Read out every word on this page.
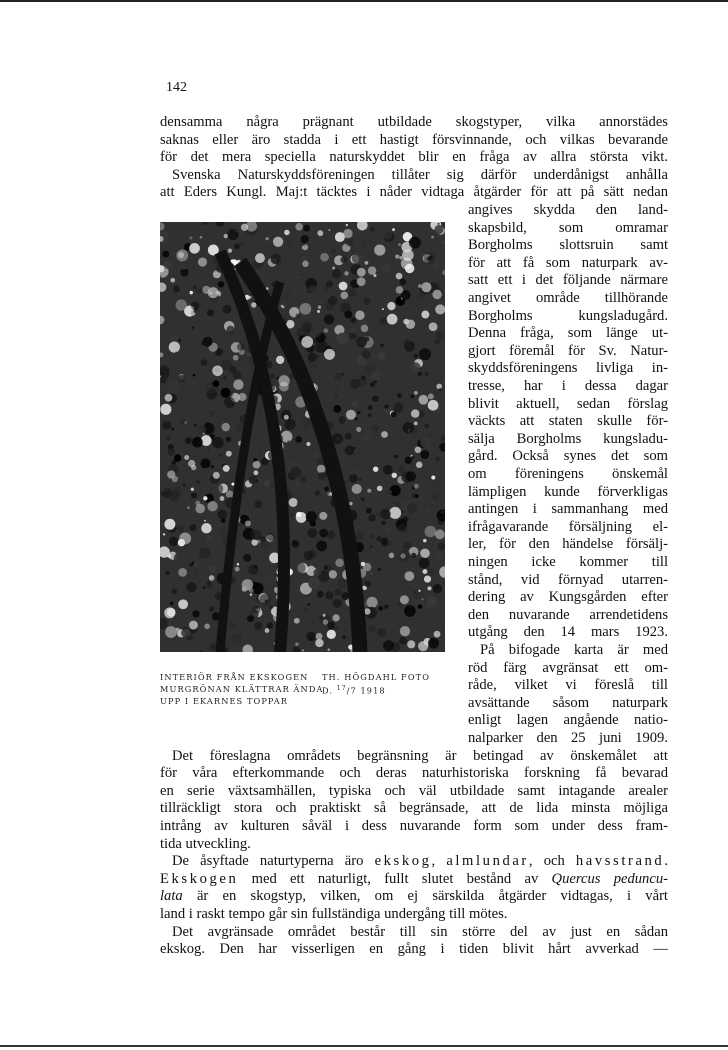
142
densamma några prägnant utbildade skogstyper, vilka annorstädes
saknas eller äro stadda i ett hastigt försvinnande, och vilkas bevarande
för det mera speciella naturskyddet blir en fråga av allra största vikt.
Svenska Naturskyddsföreningen tillåter sig därför underdånigst anhålla
att Eders Kungl. Maj:t täcktes i nåder vidtaga åtgärder för att på sätt nedan
angives skydda den land-
skapsbild, som omramar
Borgholms slottsruin samt
för att få som naturpark av-
satt ett i det följande närmare
angivet område tillhörande
Borgholms kungsladugård.
Denna fråga, som länge ut-
gjort föremål för Sv. Natur-
skyddsföreningens livliga in-
tresse, har i dessa dagar
blivit aktuell, sedan förslag
väckts att staten skulle för-
sälja Borgholms kungsladu-
gård. Också synes det som
om föreningens önskemål
lämpligen kunde förverkligas
antingen i sammanhang med
ifrågavarande försäljning el-
ler, för den händelse försälj-
ningen icke kommer till
stånd, vid förnyad utarren-
dering av Kungsgården efter
den nuvarande arrendetidens
utgång den 14 mars 1923.
På bifogade karta är med
röd färg avgränsat ett om-
råde, vilket vi föreslå till
avsättande såsom naturpark
enligt lagen angående natio-
nalparker den 25 juni 1909.
Det föreslagna områdets begränsning är betingad av önskemålet att
för våra efterkommande och deras naturhistoriska forskning få bevarad
en serie växtsamhällen, typiska och väl utbildade samt intagande arealer
tillräckligt stora och praktiskt så begränsade, att de lida minsta möjliga
intrång av kulturen såväl i dess nuvarande form som under dess fram-
tida utveckling.
De åsyftade naturtyperna äro ekskog, almlundar, och havsstrand.
Ekskogen med ett naturligt, fullt slutet bestånd av Quercus peduncu-
lata är en skogstyp, vilken, om ej särskilda åtgärder vidtagas, i vårt
land i raskt tempo går sin fullständiga undergång till mötes.
Det avgränsade området består till sin större del av just en sådan
ekskog. Den har visserligen en gång i tiden blivit hårt avverkad —
INTERIÖR FRÅN EKSKOGEN
MURGRÖNAN KLÄTTRAR ÄNDA
UPP I EKARNES TOPPAR
TH. HÖGDAHL FOTO
D. $^{17}$/7 1918
